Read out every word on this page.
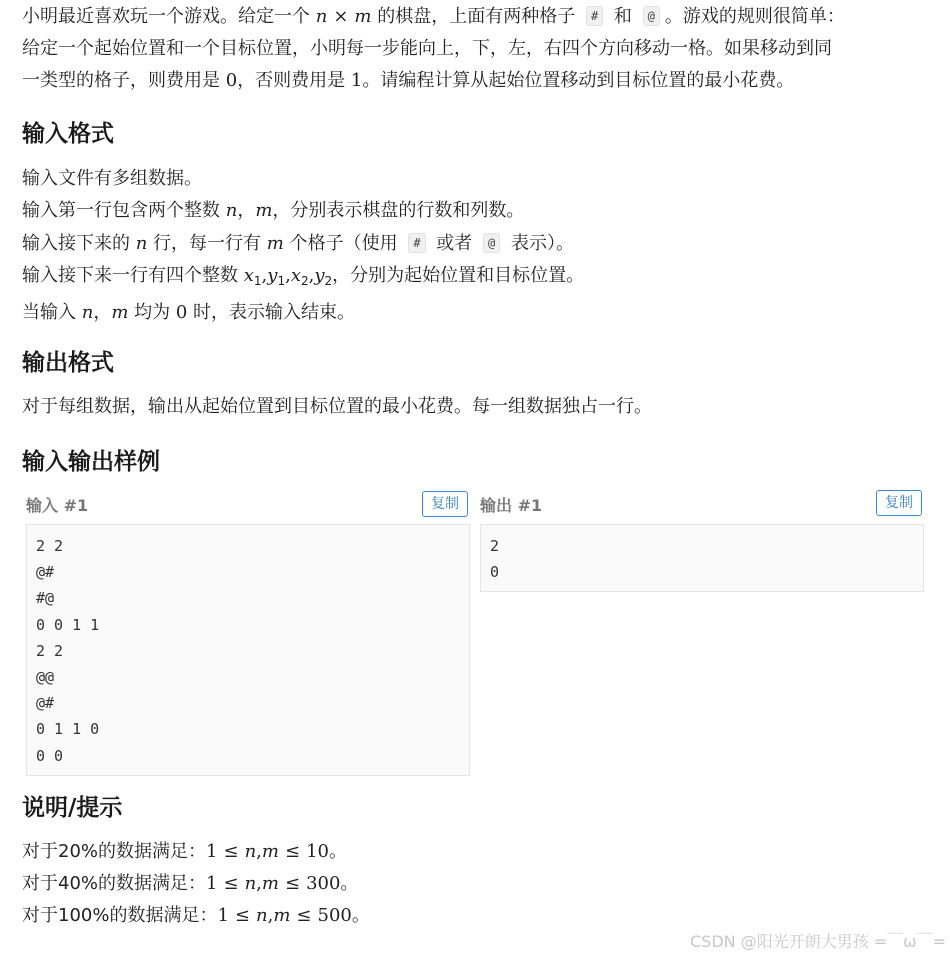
小明最近喜欢玩一个游戏。给定一个 n × m 的棋盘，上面有两种格子 # 和 @ 。游戏的规则很简单：
给定一个起始位置和一个目标位置，小明每一步能向上，下，左，右四个方向移动一格。如果移动到同
一类型的格子，则费用是 0，否则费用是 1。请编程计算从起始位置移动到目标位置的最小花费。
输入格式
输入文件有多组数据。
输入第一行包含两个整数 n，m，分别表示棋盘的行数和列数。
输入接下来的 n 行，每一行有 m 个格子（使用 # 或者 @ 表示）。
输入接下来一行有四个整数 $x_1,y_1,x_2,y_2$，分别为起始位置和目标位置。
当输入 n，m 均为 0 时，表示输入结束。
输出格式
对于每组数据，输出从起始位置到目标位置的最小花费。每一组数据独占一行。
输入输出样例
输入 #1	复制
2 2
@#
#@
0 0 1 1
2 2
@@
@#
0 1 1 0
0 0
输出 #1	复制
2
0
说明/提示
对于20%的数据满足：1 ≤ n,m ≤ 10。
对于40%的数据满足：1 ≤ n,m ≤ 300。
对于100%的数据满足：1 ≤ n,m ≤ 500。
CSDN @阳光开朗大男孩 =￣ω￣=
